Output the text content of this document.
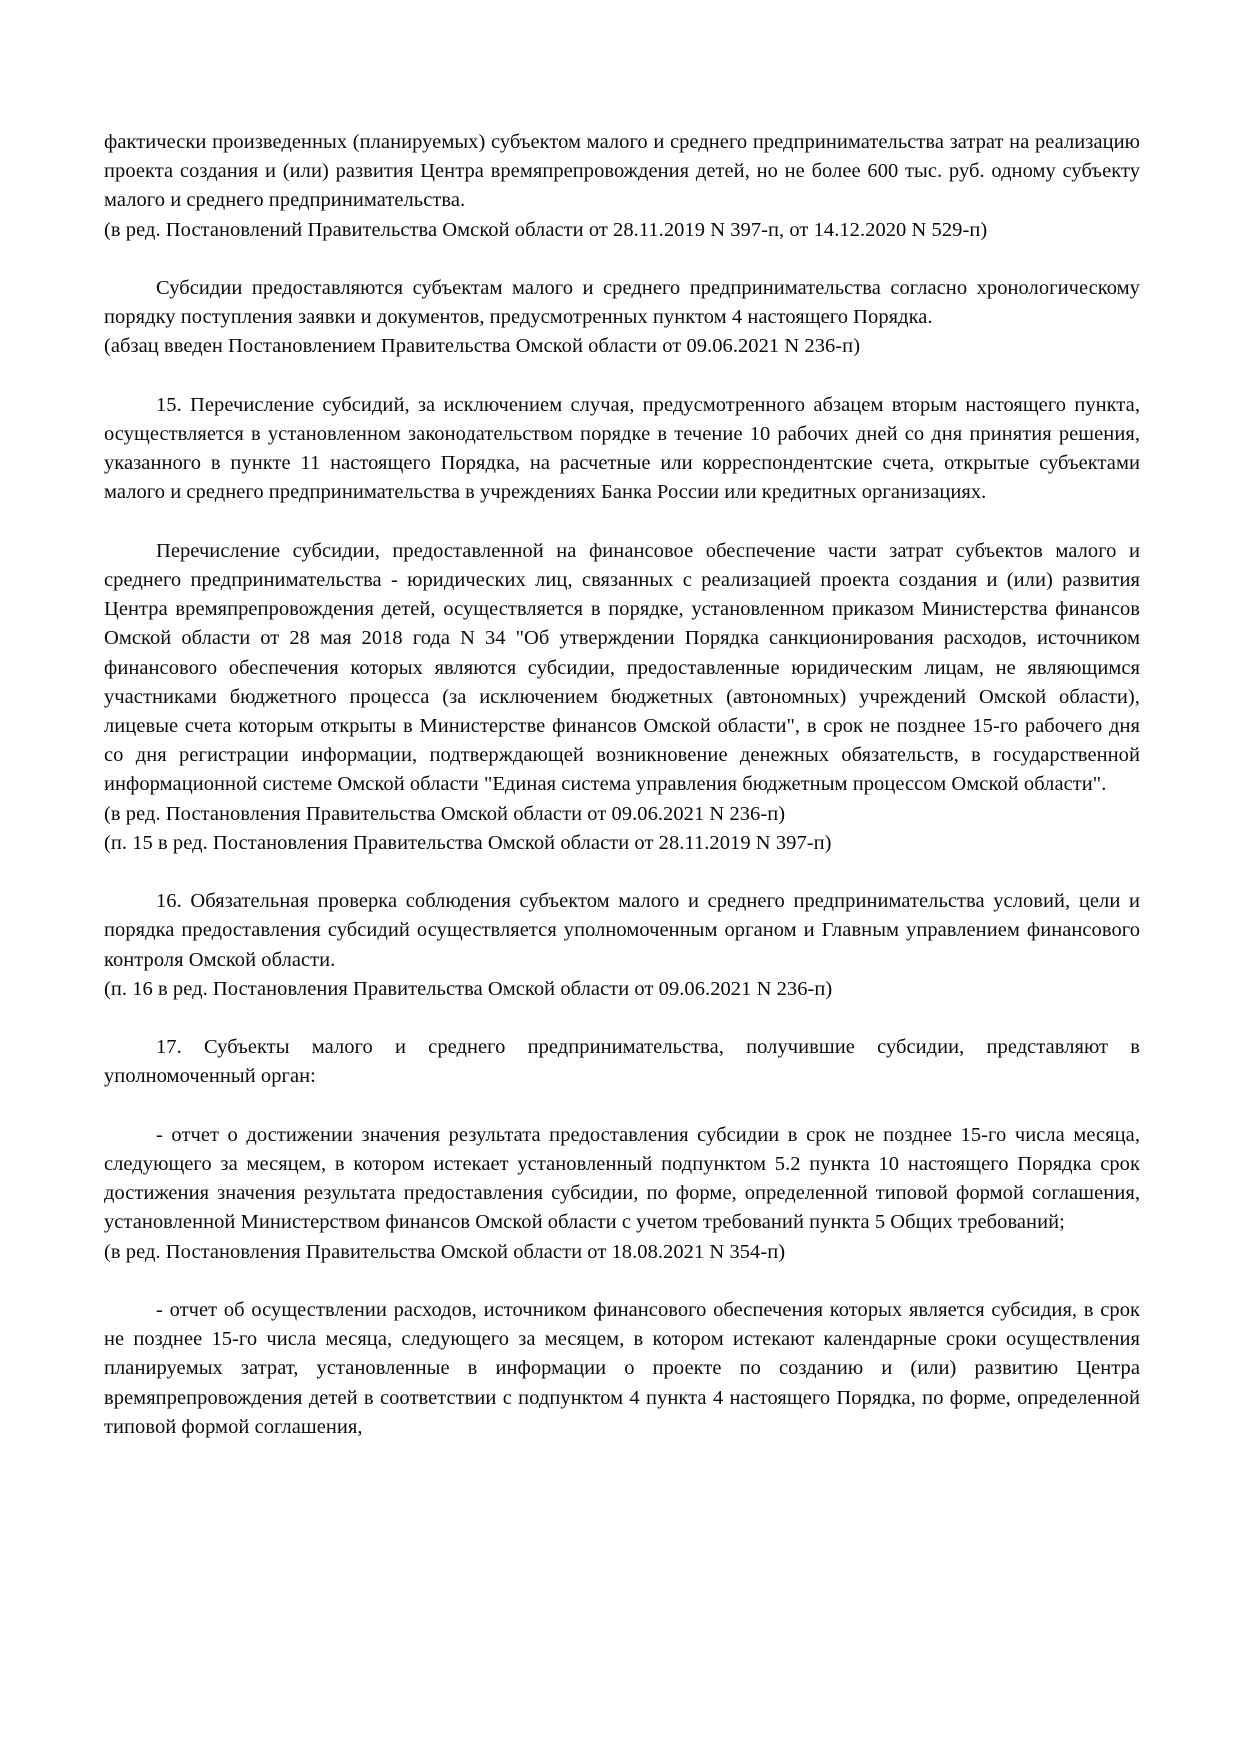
фактически произведенных (планируемых) субъектом малого и среднего предпринимательства затрат на реализацию проекта создания и (или) развития Центра времяпрепровождения детей, но не более 600 тыс. руб. одному субъекту малого и среднего предпринимательства.

(в ред. Постановлений Правительства Омской области от 28.11.2019 N 397-п, от 14.12.2020 N 529-п)

Субсидии предоставляются субъектам малого и среднего предпринимательства согласно хронологическому порядку поступления заявки и документов, предусмотренных пунктом 4 настоящего Порядка.

(абзац введен Постановлением Правительства Омской области от 09.06.2021 N 236-п)

15. Перечисление субсидий, за исключением случая, предусмотренного абзацем вторым настоящего пункта, осуществляется в установленном законодательством порядке в течение 10 рабочих дней со дня принятия решения, указанного в пункте 11 настоящего Порядка, на расчетные или корреспондентские счета, открытые субъектами малого и среднего предпринимательства в учреждениях Банка России или кредитных организациях.

Перечисление субсидии, предоставленной на финансовое обеспечение части затрат субъектов малого и среднего предпринимательства - юридических лиц, связанных с реализацией проекта создания и (или) развития Центра времяпрепровождения детей, осуществляется в порядке, установленном приказом Министерства финансов Омской области от 28 мая 2018 года N 34 "Об утверждении Порядка санкционирования расходов, источником финансового обеспечения которых являются субсидии, предоставленные юридическим лицам, не являющимся участниками бюджетного процесса (за исключением бюджетных (автономных) учреждений Омской области), лицевые счета которым открыты в Министерстве финансов Омской области", в срок не позднее 15-го рабочего дня со дня регистрации информации, подтверждающей возникновение денежных обязательств, в государственной информационной системе Омской области "Единая система управления бюджетным процессом Омской области".

(в ред. Постановления Правительства Омской области от 09.06.2021 N 236-п)

(п. 15 в ред. Постановления Правительства Омской области от 28.11.2019 N 397-п)

16. Обязательная проверка соблюдения субъектом малого и среднего предпринимательства условий, цели и порядка предоставления субсидий осуществляется уполномоченным органом и Главным управлением финансового контроля Омской области.

(п. 16 в ред. Постановления Правительства Омской области от 09.06.2021 N 236-п)

17. Субъекты малого и среднего предпринимательства, получившие субсидии, представляют в уполномоченный орган:

- отчет о достижении значения результата предоставления субсидии в срок не позднее 15-го числа месяца, следующего за месяцем, в котором истекает установленный подпунктом 5.2 пункта 10 настоящего Порядка срок достижения значения результата предоставления субсидии, по форме, определенной типовой формой соглашения, установленной Министерством финансов Омской области с учетом требований пункта 5 Общих требований;

(в ред. Постановления Правительства Омской области от 18.08.2021 N 354-п)

- отчет об осуществлении расходов, источником финансового обеспечения которых является субсидия, в срок не позднее 15-го числа месяца, следующего за месяцем, в котором истекают календарные сроки осуществления планируемых затрат, установленные в информации о проекте по созданию и (или) развитию Центра времяпрепровождения детей в соответствии с подпунктом 4 пункта 4 настоящего Порядка, по форме, определенной типовой формой соглашения,
